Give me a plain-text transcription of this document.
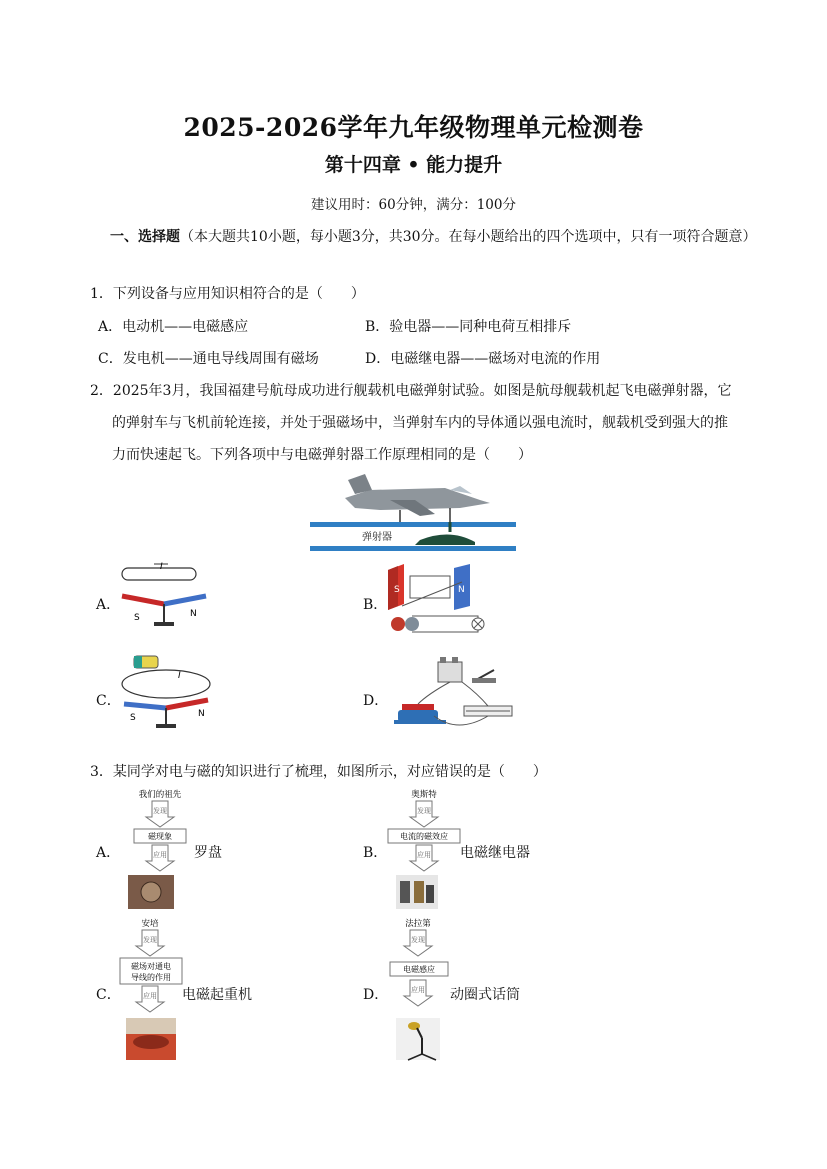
2025-2026学年九年级物理单元检测卷
第十四章 • 能力提升
建议用时：60分钟，满分：100分
一、选择题（本大题共10小题，每小题3分，共30分。在每小题给出的四个选项中，只有一项符合题意）
1．下列设备与应用知识相符合的是（　　）
A．电动机——电磁感应	B．验电器——同种电荷互相排斥
C．发电机——通电导线周围有磁场	D．电磁继电器——磁场对电流的作用
2．2025年3月，我国福建号航母成功进行舰载机电磁弹射试验。如图是航母舰载机起飞电磁弹射器，它
的弹射车与飞机前轮连接，并处于强磁场中，当弹射车内的导体通以强电流时，舰载机受到强大的推
力而快速起飞。下列各项中与电磁弹射器工作原理相同的是（　　）
弹射器
A．	B．
C．	D．
I
S	N
S	N
I
S	N
3．某同学对电与磁的知识进行了梳理，如图所示，对应错误的是（　　）
A．
我们的祖先
发现
磁现象
应用 罗盘	B．
奥斯特
发现
电流的磁效应
应用 电磁继电器
C．
安培
发现
磁场对通电
导线的作用
应用 电磁起重机	D．
法拉第
发现
电磁感应
应用 动圈式话筒
